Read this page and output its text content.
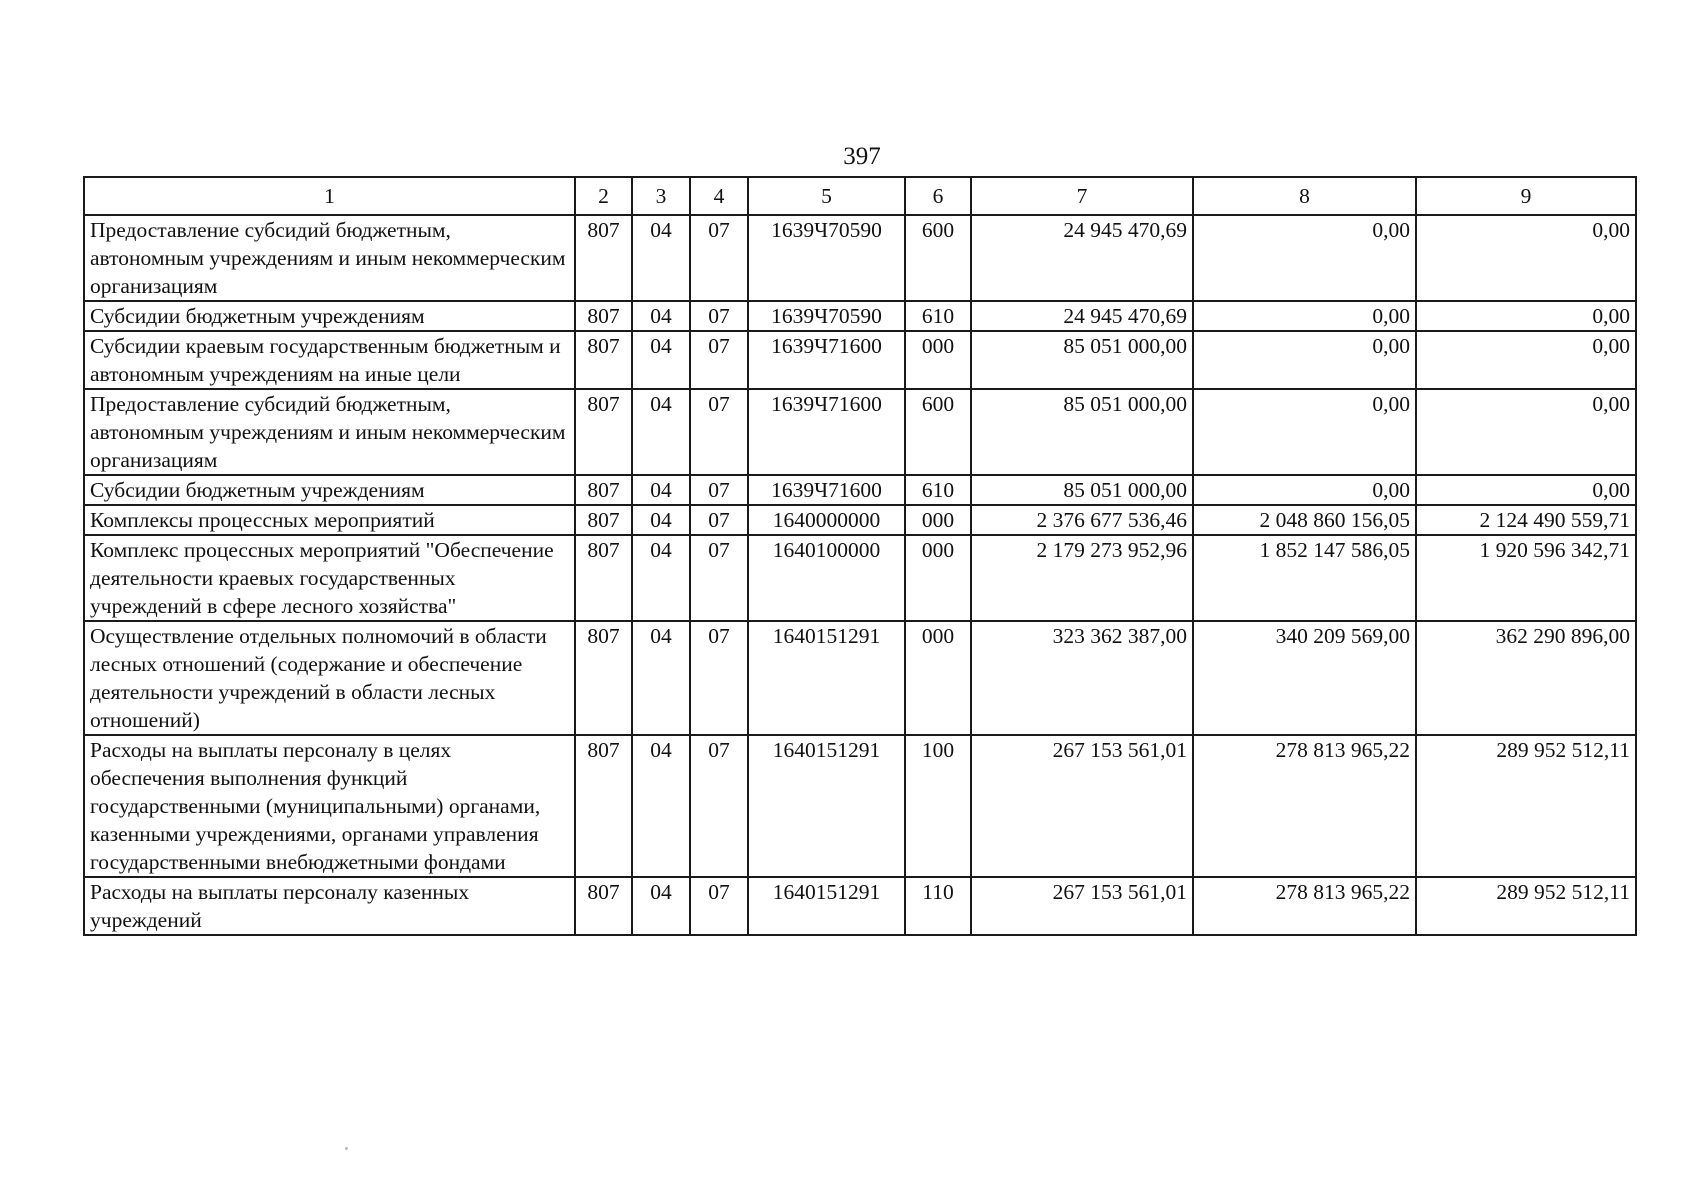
397
1	2	3	4	5	6	7	8	9
Предоставление субсидий бюджетным, автономным учреждениям и иным некоммерческим организациям	807	04	07	1639Ч70590	600	24 945 470,69	0,00	0,00
Субсидии бюджетным учреждениям	807	04	07	1639Ч70590	610	24 945 470,69	0,00	0,00
Субсидии краевым государственным бюджетным и автономным учреждениям на иные цели	807	04	07	1639Ч71600	000	85 051 000,00	0,00	0,00
Предоставление субсидий бюджетным, автономным учреждениям и иным некоммерческим организациям	807	04	07	1639Ч71600	600	85 051 000,00	0,00	0,00
Субсидии бюджетным учреждениям	807	04	07	1639Ч71600	610	85 051 000,00	0,00	0,00
Комплексы процессных мероприятий	807	04	07	1640000000	000	2 376 677 536,46	2 048 860 156,05	2 124 490 559,71
Комплекс процессных мероприятий "Обеспечение деятельности краевых государственных учреждений в сфере лесного хозяйства"	807	04	07	1640100000	000	2 179 273 952,96	1 852 147 586,05	1 920 596 342,71
Осуществление отдельных полномочий в области лесных отношений (содержание и обеспечение деятельности учреждений в области лесных отношений)	807	04	07	1640151291	000	323 362 387,00	340 209 569,00	362 290 896,00
Расходы на выплаты персоналу в целях обеспечения выполнения функций государственными (муниципальными) органами, казенными учреждениями, органами управления государственными внебюджетными фондами	807	04	07	1640151291	100	267 153 561,01	278 813 965,22	289 952 512,11
Расходы на выплаты персоналу казенных учреждений	807	04	07	1640151291	110	267 153 561,01	278 813 965,22	289 952 512,11
